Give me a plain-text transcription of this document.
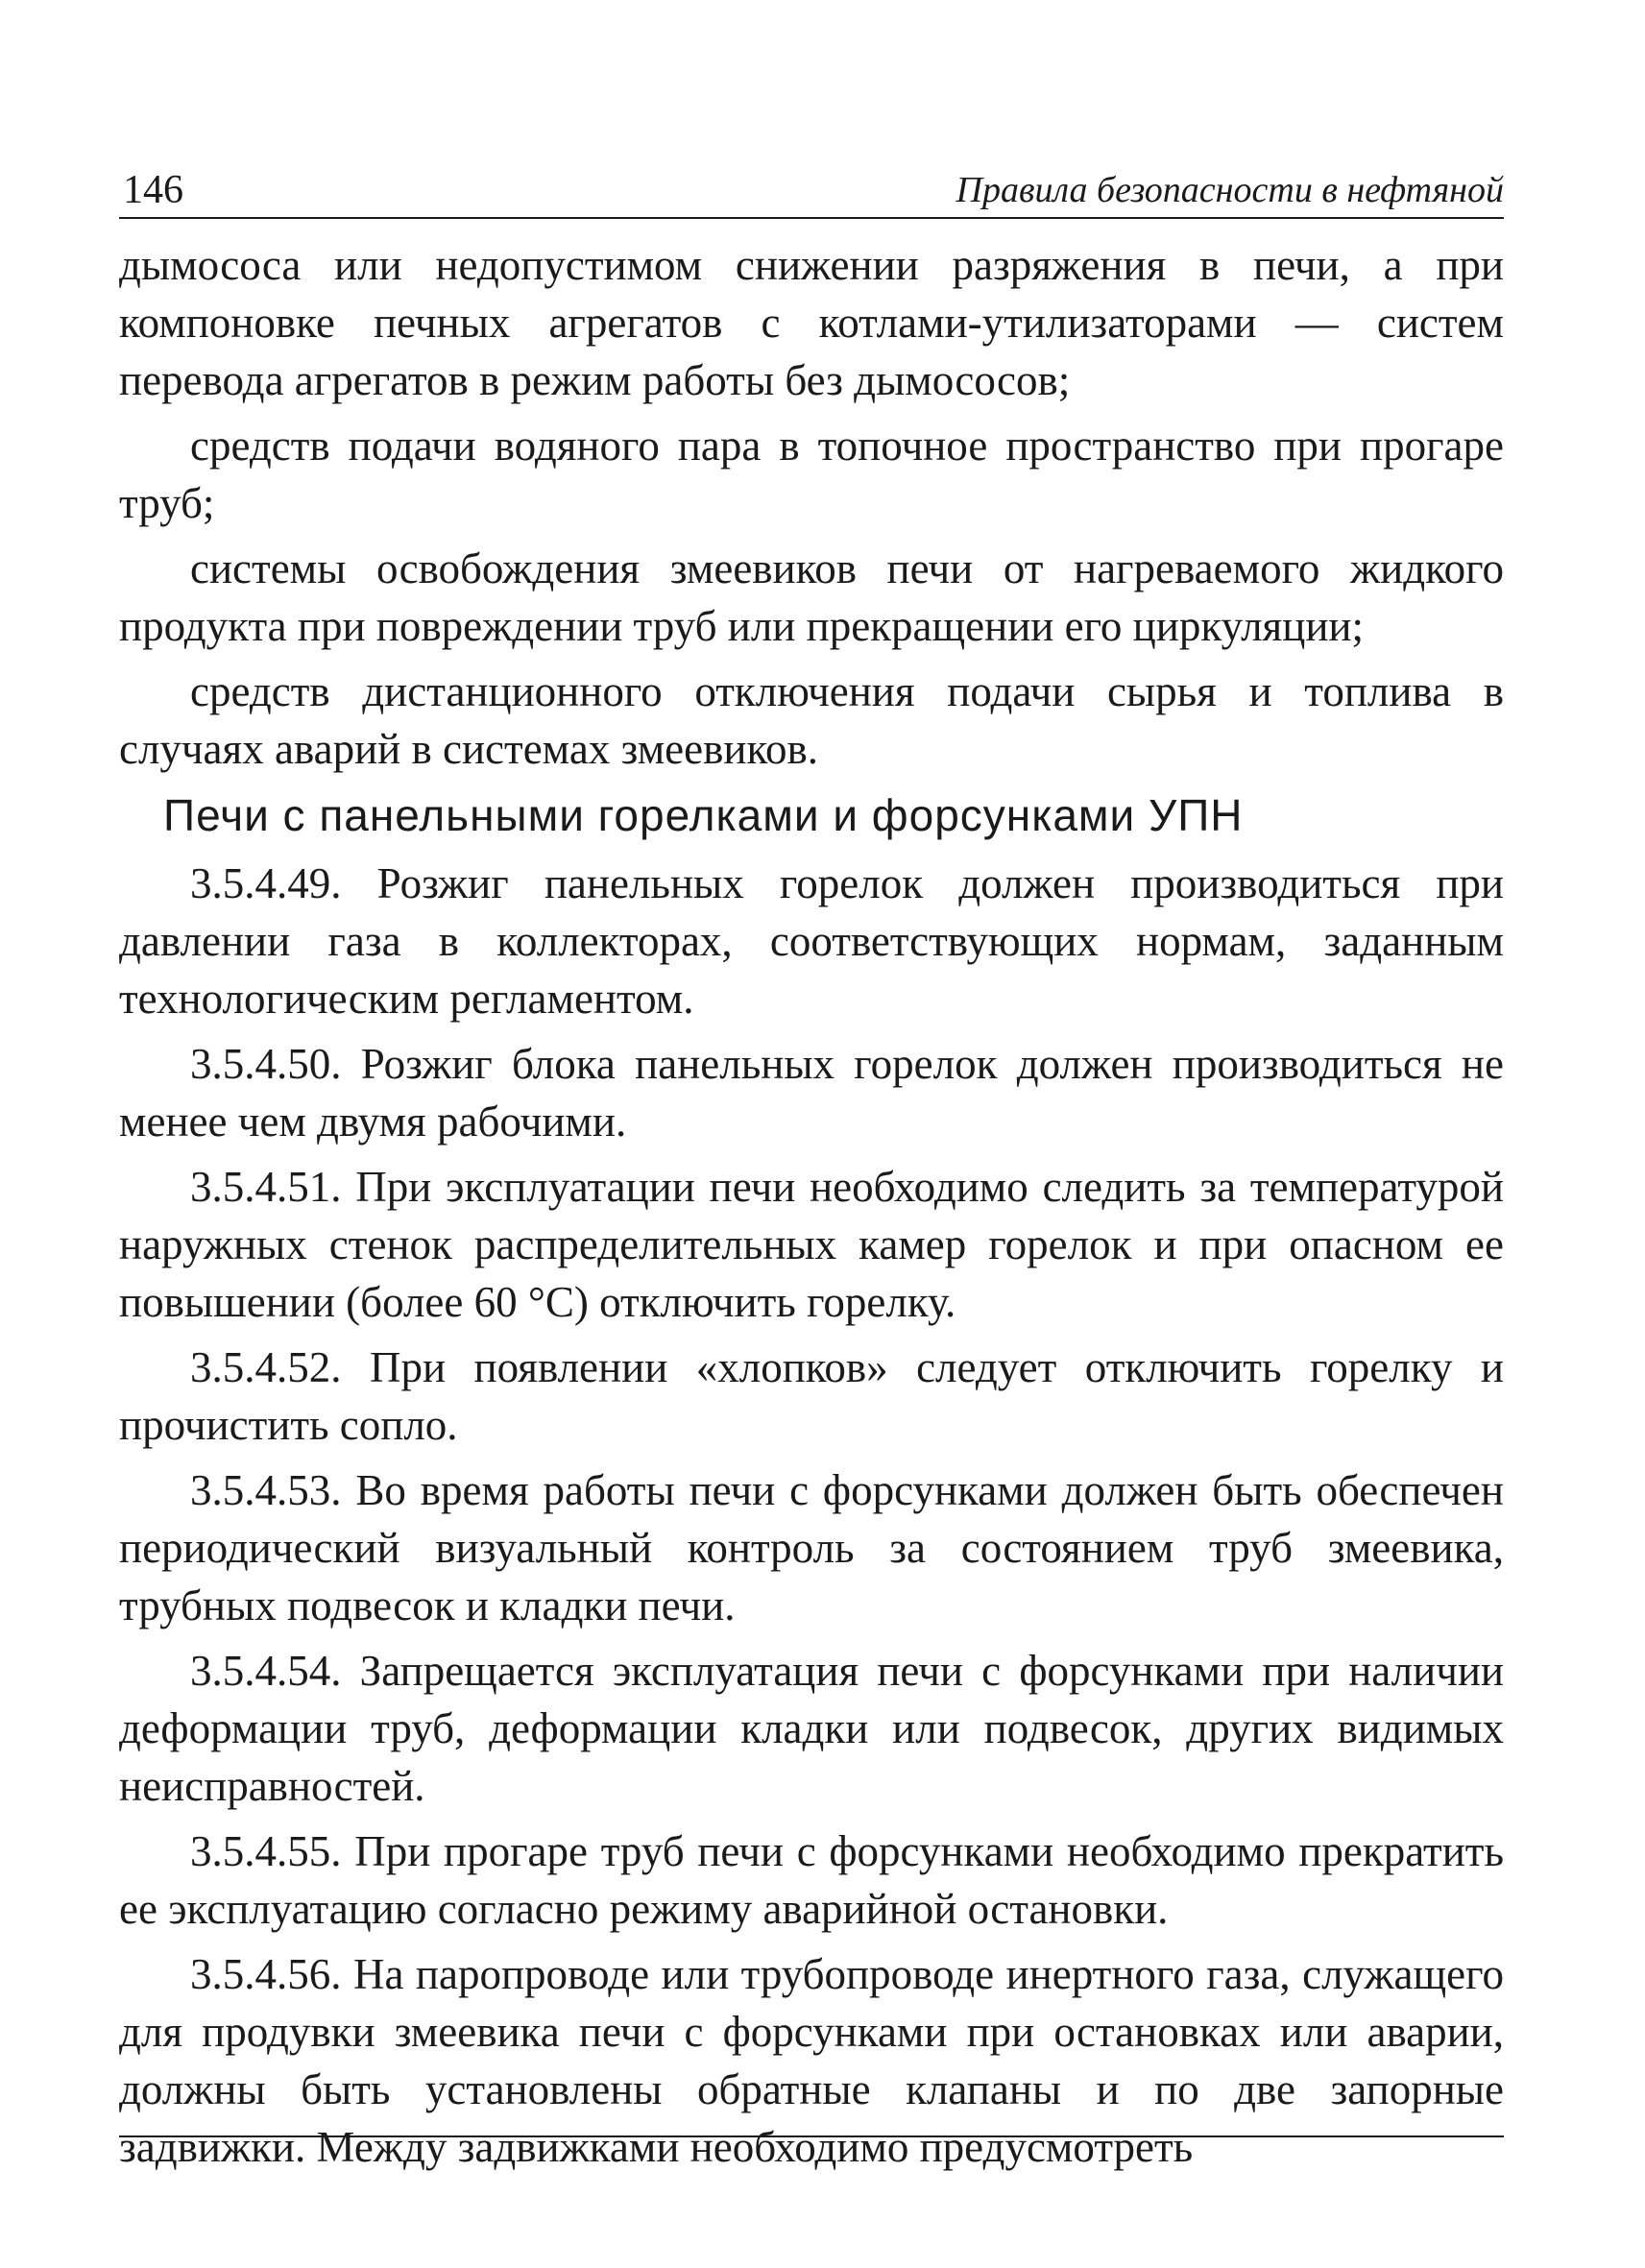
146	Правила безопасности в нефтяной

дымососа или недопустимом снижении разряжения в печи, а при компоновке печных агрегатов с котлами-утилизаторами — систем перевода агрегатов в режим работы без дымососов;

средств подачи водяного пара в топочное пространство при прогаре труб;

системы освобождения змеевиков печи от нагреваемого жидкого продукта при повреждении труб или прекращении его циркуляции;

средств дистанционного отключения подачи сырья и топлива в случаях аварий в системах змеевиков.

Печи с панельными горелками и форсунками УПН

3.5.4.49. Розжиг панельных горелок должен производиться при давлении газа в коллекторах, соответствующих нормам, заданным технологическим регламентом.

3.5.4.50. Розжиг блока панельных горелок должен производиться не менее чем двумя рабочими.

3.5.4.51. При эксплуатации печи необходимо следить за температурой наружных стенок распределительных камер горелок и при опасном ее повышении (более 60 °С) отключить горелку.

3.5.4.52. При появлении «хлопков» следует отключить горелку и прочистить сопло.

3.5.4.53. Во время работы печи с форсунками должен быть обеспечен периодический визуальный контроль за состоянием труб змеевика, трубных подвесок и кладки печи.

3.5.4.54. Запрещается эксплуатация печи с форсунками при наличии деформации труб, деформации кладки или подвесок, других видимых неисправностей.

3.5.4.55. При прогаре труб печи с форсунками необходимо прекратить ее эксплуатацию согласно режиму аварийной остановки.

3.5.4.56. На паропроводе или трубопроводе инертного газа, служащего для продувки змеевика печи с форсунками при остановках или аварии, должны быть установлены обратные клапаны и по две запорные задвижки. Между задвижками необходимо предусмотреть
